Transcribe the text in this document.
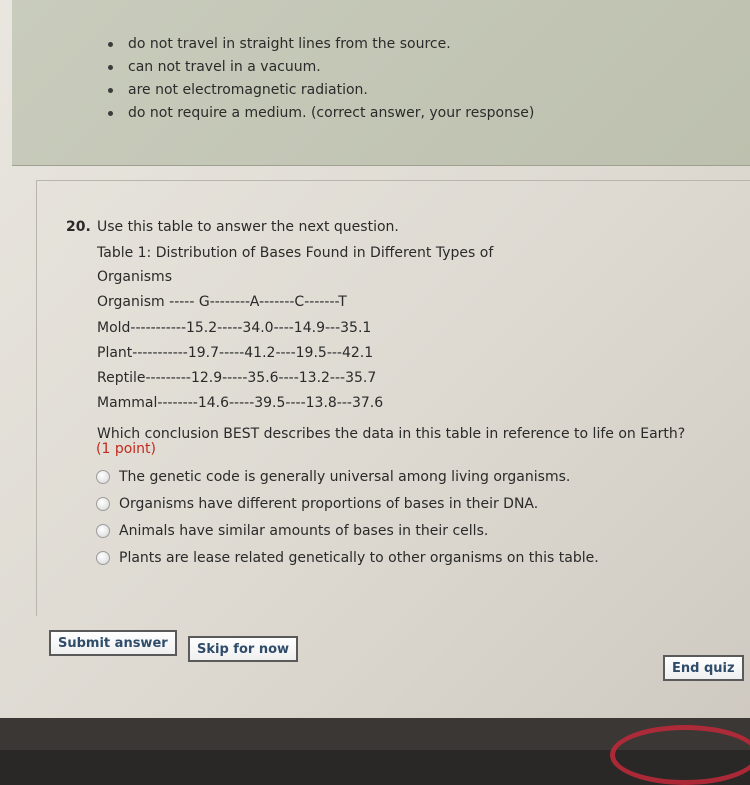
do not travel in straight lines from the source.
can not travel in a vacuum.
are not electromagnetic radiation.
do not require a medium. (correct answer, your response)
20. Use this table to answer the next question.
Table 1: Distribution of Bases Found in Different Types of
Organisms
Organism ----- G--------A-------C-------T
Mold-----------15.2-----34.0----14.9---35.1
Plant-----------19.7-----41.2----19.5---42.1
Reptile---------12.9-----35.6----13.2---35.7
Mammal--------14.6-----39.5----13.8---37.6
Which conclusion BEST describes the data in this table in reference to life on Earth?
(1 point)
The genetic code is generally universal among living organisms.
Organisms have different proportions of bases in their DNA.
Animals have similar amounts of bases in their cells.
Plants are lease related genetically to other organisms on this table.
Submit answer	Skip for now
End quiz
